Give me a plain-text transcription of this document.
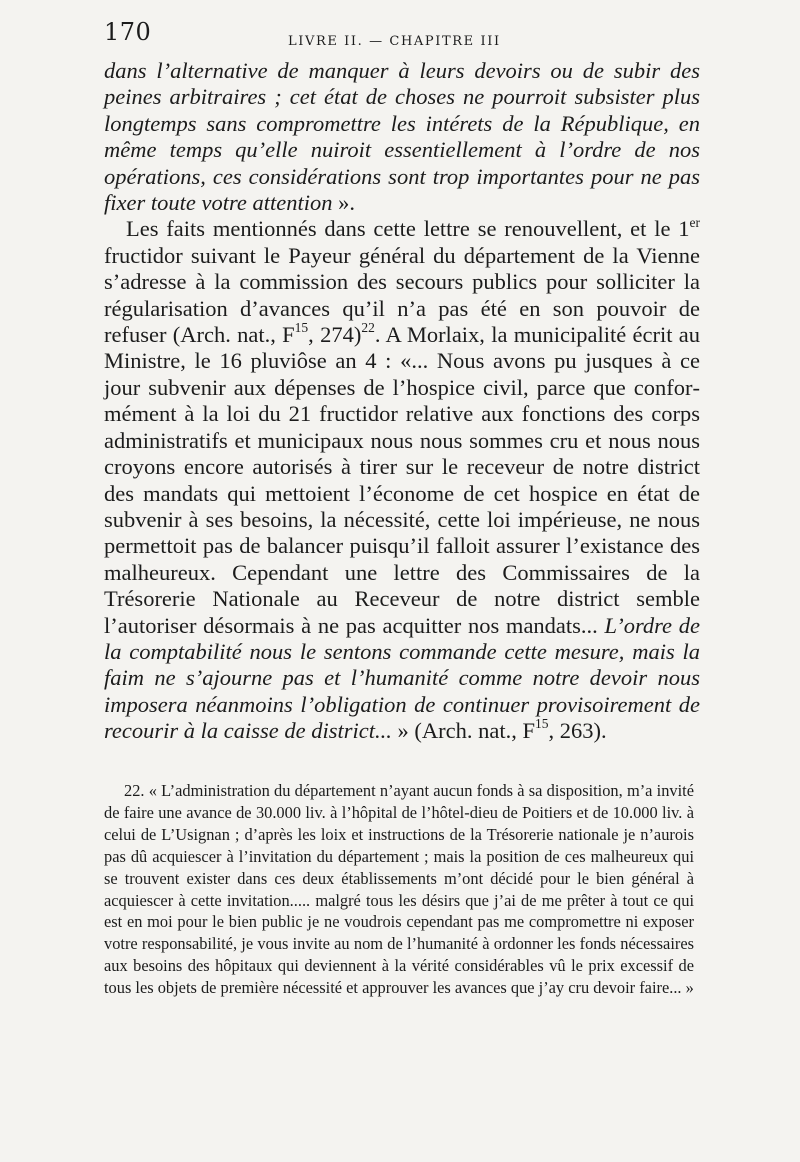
170	LIVRE II. — CHAPITRE III

dans l’alternative de manquer à leurs devoirs ou de subir des peines arbitraires ; cet état de choses ne pourroit subsister plus longtemps sans compromettre les intérets de la République, en même temps qu’elle nuiroit essentiellement à l’ordre de nos opérations, ces considérations sont trop importantes pour ne pas fixer toute votre attention ».

Les faits mentionnés dans cette lettre se renouvellent, et le 1er fructidor suivant le Payeur général du département de la Vienne s’adresse à la commission des secours publics pour solliciter la régularisation d’avances qu’il n’a pas été en son pouvoir de refuser (Arch. nat., $F^{15}$, 274)$^{22}$. A Morlaix, la municipalité écrit au Ministre, le 16 pluviôse an 4 : «... Nous avons pu jusques à ce jour subvenir aux dépenses de l’hospice civil, parce que conformément à la loi du 21 fructidor relative aux fonctions des corps administratifs et municipaux nous nous sommes cru et nous nous croyons encore autorisés à tirer sur le receveur de notre district des mandats qui mettoient l’économe de cet hospice en état de subvenir à ses besoins, la nécessité, cette loi impérieuse, ne nous permettoit pas de balancer puisqu’il falloit assurer l’existance des malheureux. Cependant une lettre des Commissaires de la Trésorerie Nationale au Receveur de notre district semble l’autoriser désormais à ne pas acquitter nos mandats... L’ordre de la comptabilité nous le sentons commande cette mesure, mais la faim ne s’ajourne pas et l’humanité comme notre devoir nous imposera néanmoins l’obligation de continuer provisoirement de recourir à la caisse de district... » (Arch. nat., $F^{15}$, 263).

22. « L’administration du département n’ayant aucun fonds à sa disposition, m’a invité de faire une avance de 30.000 liv. à l’hôpital de l’hôtel-dieu de Poitiers et de 10.000 liv. à celui de L’Usignan ; d’après les loix et instructions de la Trésorerie nationale je n’aurois pas dû acquiescer à l’invitation du département ; mais la position de ces malheureux qui se trouvent exister dans ces deux établissements m’ont décidé pour le bien général à acquiescer à cette invitation..... malgré tous les désirs que j’ai de me prêter à tout ce qui est en moi pour le bien public je ne voudrois cependant pas me compromettre ni exposer votre responsabilité, je vous invite au nom de l’humanité à ordonner les fonds nécessaires aux besoins des hôpitaux qui deviennent à la vérité considérables vû le prix excessif de tous les objets de première nécessité et approuver les avances que j’ay cru devoir faire... »
